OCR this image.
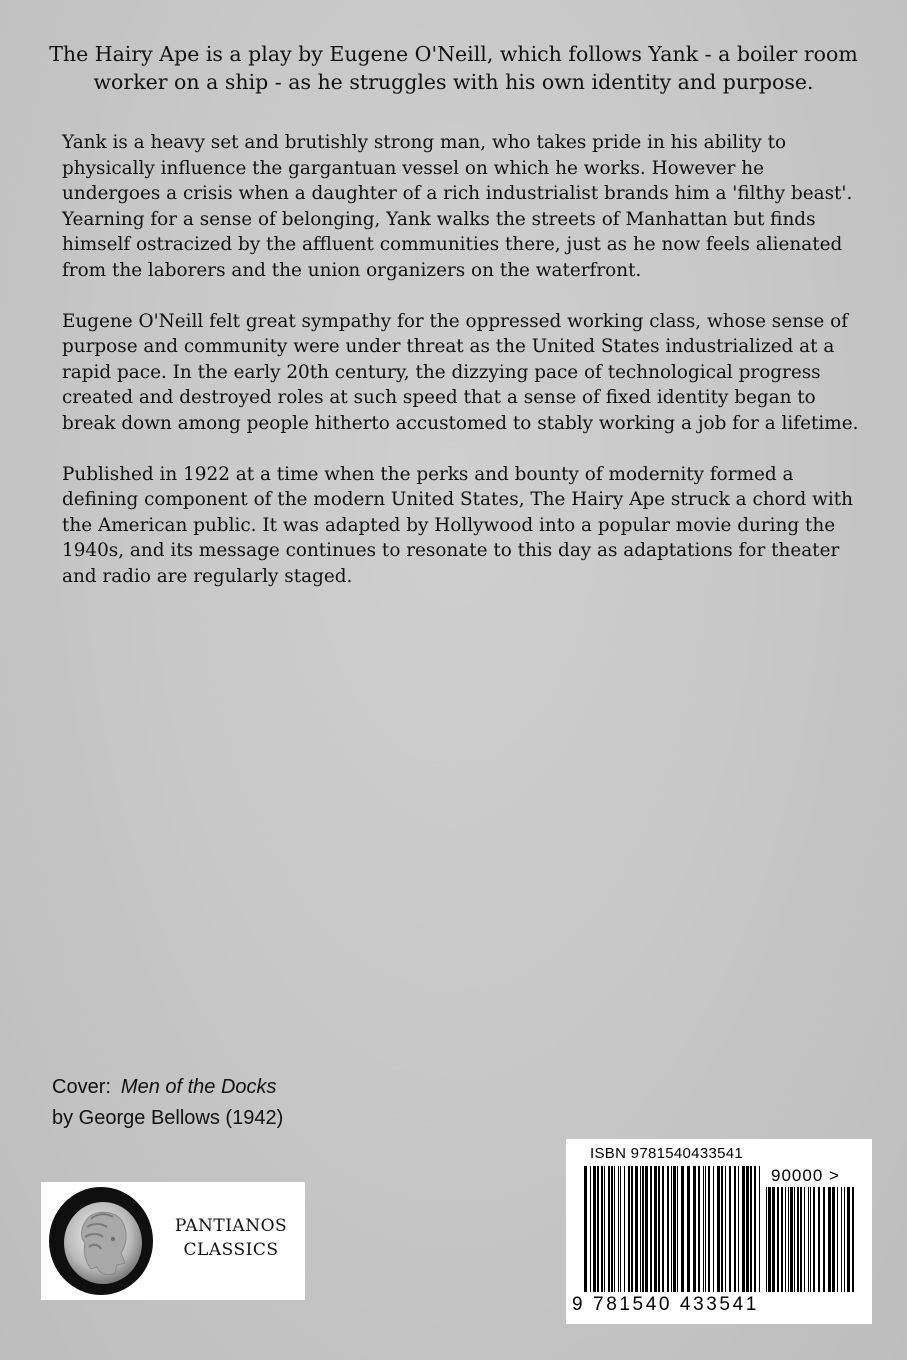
The Hairy Ape is a play by Eugene O'Neill, which follows Yank - a boiler room worker on a ship - as he struggles with his own identity and purpose.

Yank is a heavy set and brutishly strong man, who takes pride in his ability to physically influence the gargantuan vessel on which he works. However he undergoes a crisis when a daughter of a rich industrialist brands him a 'filthy beast'. Yearning for a sense of belonging, Yank walks the streets of Manhattan but finds himself ostracized by the affluent communities there, just as he now feels alienated from the laborers and the union organizers on the waterfront.

Eugene O'Neill felt great sympathy for the oppressed working class, whose sense of purpose and community were under threat as the United States industrialized at a rapid pace. In the early 20th century, the dizzying pace of technological progress created and destroyed roles at such speed that a sense of fixed identity began to break down among people hitherto accustomed to stably working a job for a lifetime.

Published in 1922 at a time when the perks and bounty of modernity formed a defining component of the modern United States, The Hairy Ape struck a chord with the American public. It was adapted by Hollywood into a popular movie during the 1940s, and its message continues to resonate to this day as adaptations for theater and radio are regularly staged.

Cover: Men of the Docks
by George Bellows (1942)
PANTIANOS
CLASSICS
ISBN 9781540433541
90000 >
9 781540 433541
